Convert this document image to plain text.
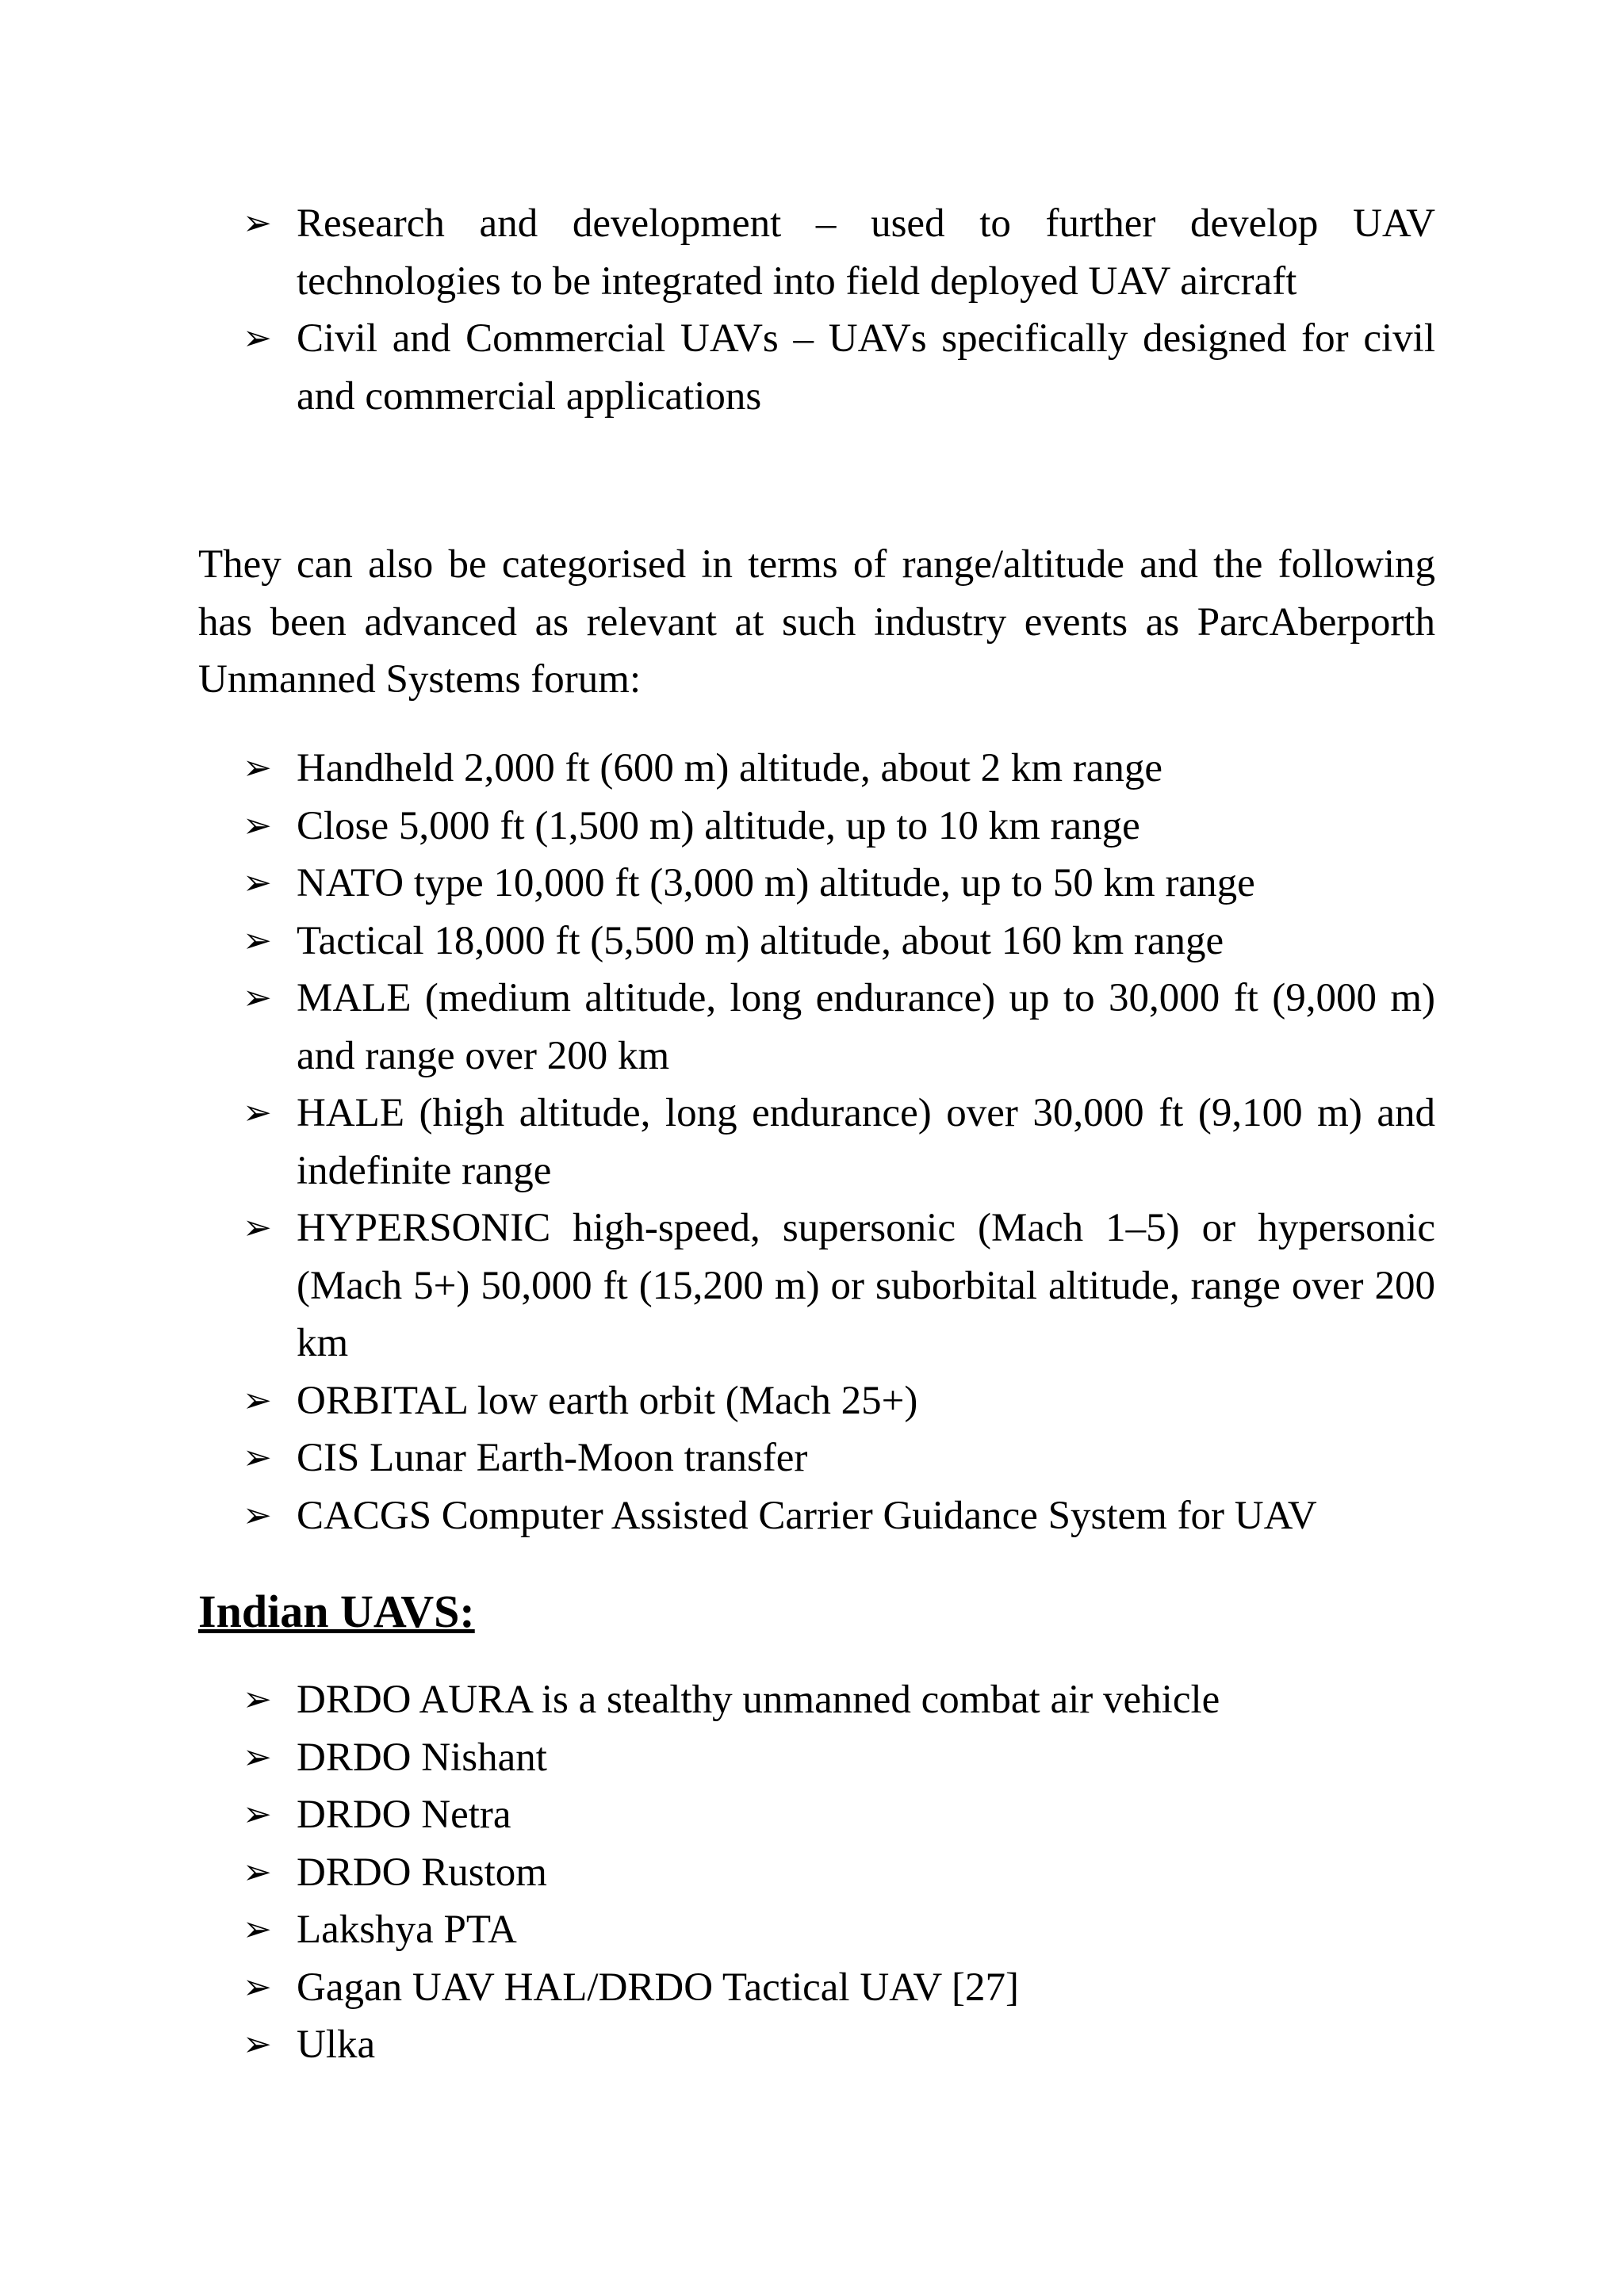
➢ Research and development – used to further develop UAV technologies to be integrated into field deployed UAV aircraft
➢ Civil and Commercial UAVs – UAVs specifically designed for civil and commercial applications

They can also be categorised in terms of range/altitude and the following has been advanced as relevant at such industry events as ParcAberporth Unmanned Systems forum:

➢ Handheld 2,000 ft (600 m) altitude, about 2 km range
➢ Close 5,000 ft (1,500 m) altitude, up to 10 km range
➢ NATO type 10,000 ft (3,000 m) altitude, up to 50 km range
➢ Tactical 18,000 ft (5,500 m) altitude, about 160 km range
➢ MALE (medium altitude, long endurance) up to 30,000 ft (9,000 m) and range over 200 km
➢ HALE (high altitude, long endurance) over 30,000 ft (9,100 m) and indefinite range
➢ HYPERSONIC high-speed, supersonic (Mach 1–5) or hypersonic (Mach 5+) 50,000 ft (15,200 m) or suborbital altitude, range over 200 km
➢ ORBITAL low earth orbit (Mach 25+)
➢ CIS Lunar Earth-Moon transfer
➢ CACGS Computer Assisted Carrier Guidance System for UAV
Indian UAVS:
➢ DRDO AURA is a stealthy unmanned combat air vehicle
➢ DRDO Nishant
➢ DRDO Netra
➢ DRDO Rustom
➢ Lakshya PTA
➢ Gagan UAV HAL/DRDO Tactical UAV [27]
➢ Ulka
